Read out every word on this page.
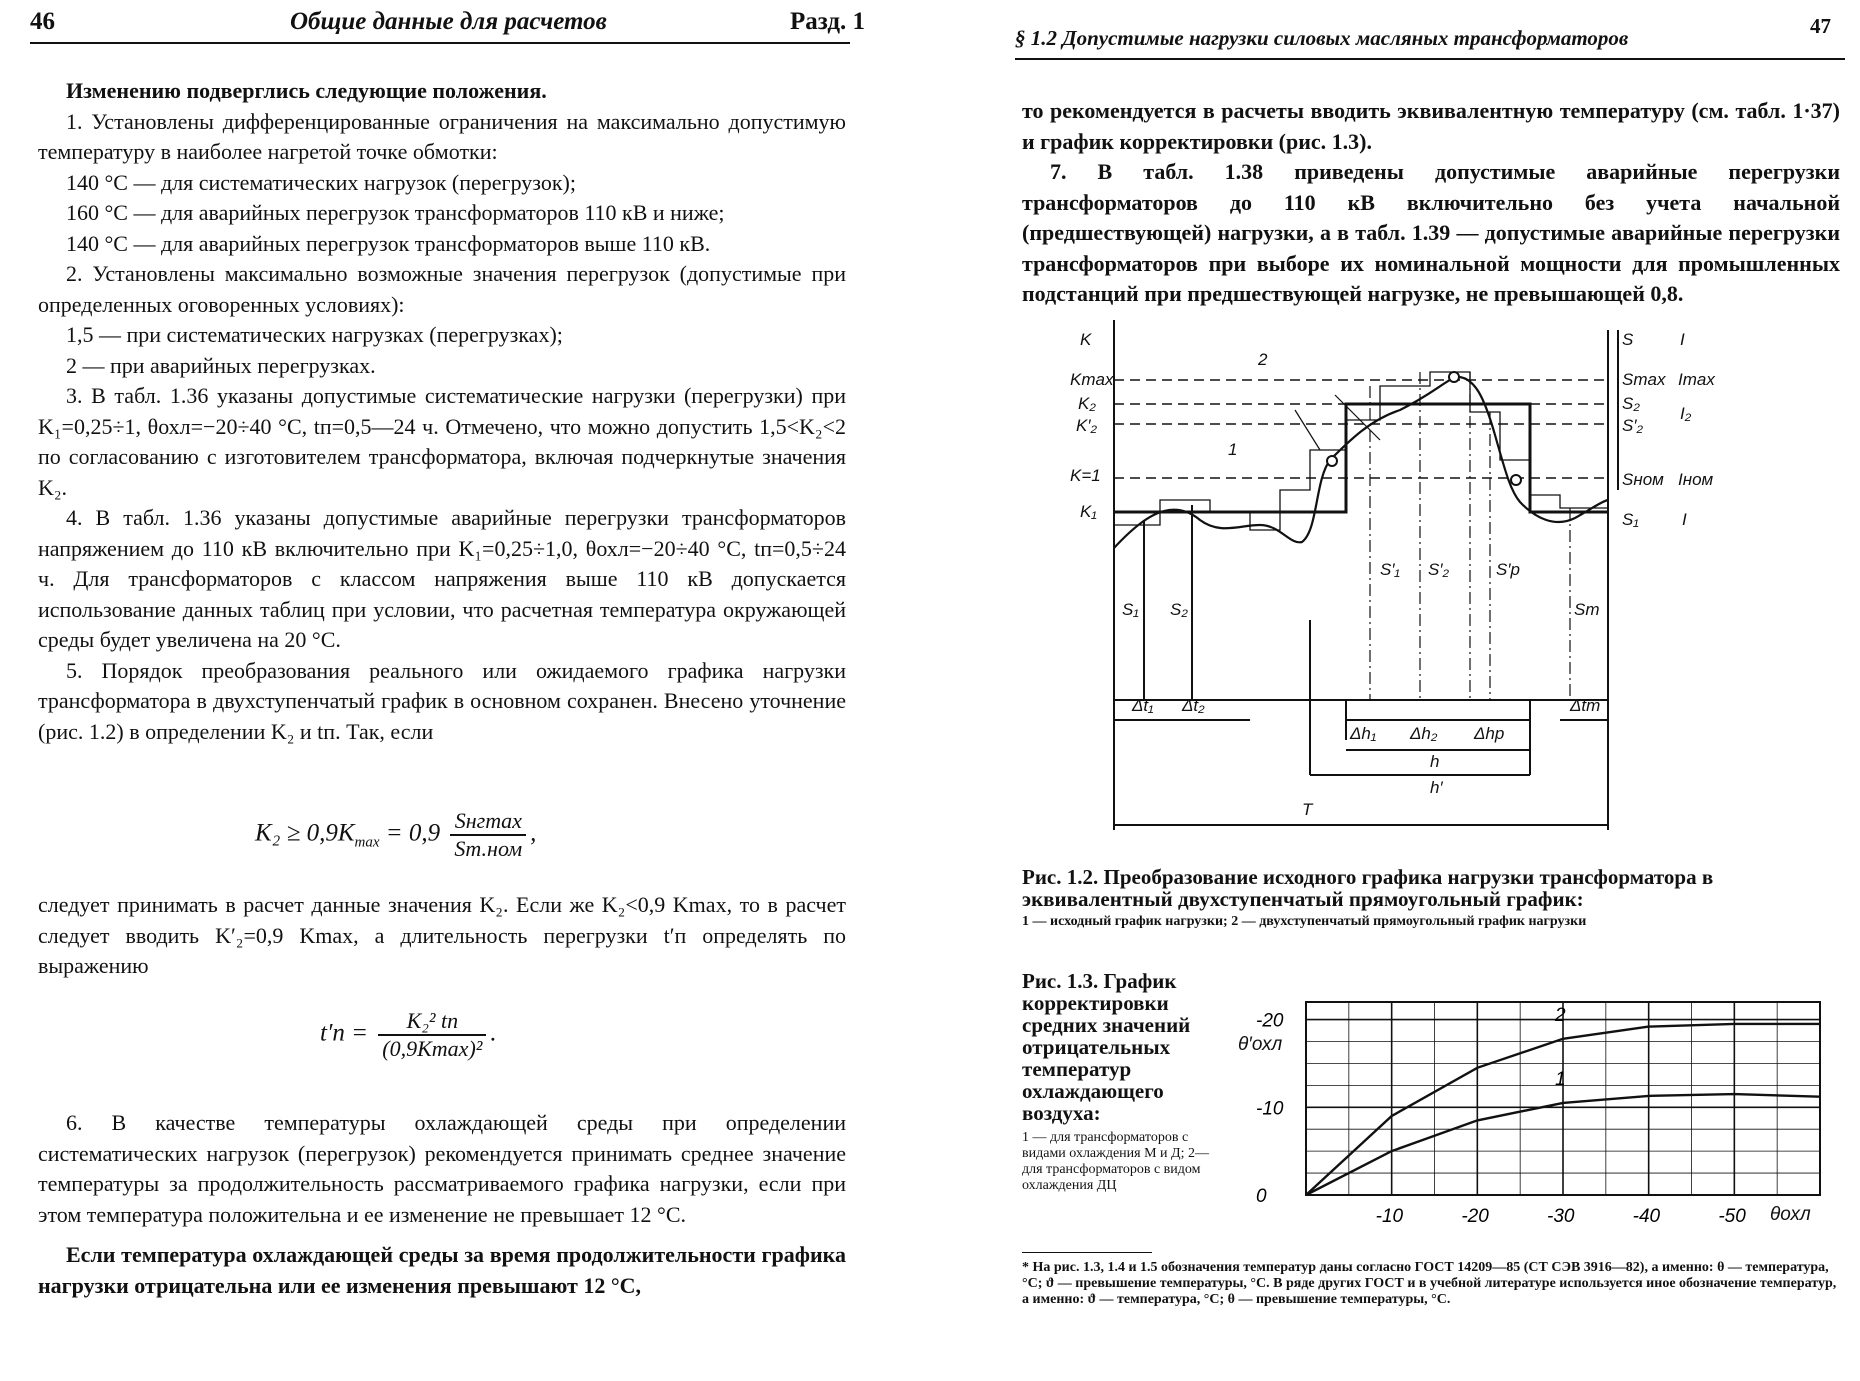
46	Общие данные для расчетов	Разд. 1

Изменению подверглись следующие положения.

1. Установлены дифференцированные ограничения на максимально допустимую температуру в наиболее нагретой точке обмотки:

140 °С — для систематических нагрузок (перегрузок);

160 °С — для аварийных перегрузок трансформаторов 110 кВ и ниже;

140 °С — для аварийных перегрузок трансформаторов выше 110 кВ.

2. Установлены максимально возможные значения перегрузок (допустимые при определенных оговоренных условиях):

1,5 — при систематических нагрузках (перегрузках);

2 — при аварийных перегрузках.

3. В табл. 1.36 указаны допустимые систематические нагрузки (перегрузки) при K₁=0,25÷1, θохл=−20÷40 °С, tп=0,5—24 ч. Отмечено, что можно допустить 1,5<K₂<2 по согласованию с изготовителем трансформатора, включая подчеркнутые значения K₂.

4. В табл. 1.36 указаны допустимые аварийные перегрузки трансформаторов напряжением до 110 кВ включительно при K₁=0,25÷1,0, θохл=−20÷40 °С, tп=0,5÷24 ч. Для трансформаторов с классом напряжения выше 110 кВ допускается использование данных таблиц при условии, что расчетная температура окружающей среды будет увеличена на 20 °С.

5. Порядок преобразования реального или ожидаемого графика нагрузки трансформатора в двухступенчатый график в основном сохранен. Внесено уточнение (рис. 1.2) в определении K₂ и tп. Так, если

$K_2 \ge 0,9K_{max} = 0,9 \frac{\text{Sнгmax}}{\text{Sт.ном}}$ ,
следует принимать в расчет данные значения K₂. Если же K₂<0,9 Kmax, то в расчет следует вводить K′₂=0,9 Kmax, а длительность перегрузки t′п определять по выражению
$t'п = \frac{\text{K₂² tп}}{\text{(0,9Kmax)²}}$ .

6. В качестве температуры охлаждающей среды при определении систематических нагрузок (перегрузок) рекомендуется принимать среднее значение температуры за продолжительность рассматриваемого графика нагрузки, если при этом температура положительна и ее изменение не превышает 12 °С.

Если температура охлаждающей среды за время продолжительности графика нагрузки отрицательна или ее изменения превышают 12 °С,

§ 1.2 Допустимые нагрузки силовых масляных трансформаторов	47

то рекомендуется в расчеты вводить эквивалентную температуру (см. табл. 1·37) и график корректировки (рис. 1.3).

7. В табл. 1.38 приведены допустимые аварийные перегрузки трансформаторов до 110 кВ включительно без учета начальной (предшествующей) нагрузки, а в табл. 1.39 — допустимые аварийные перегрузки трансформаторов при выборе их номинальной мощности для промышленных подстанций при предшествующей нагрузке, не превышающей 0,8.

K
Kmax
K₂
K′₂
K=1
K₁
S
Smax
S₂
S′₂
Sном
S₁
I
Imax
I₂
Iном
I
1
2
S₁ S₂
S′₁ S′₂	S′p
Sm
Δt₁ Δt₂	Δtm
Δh₁ Δh₂ Δhp
h
h′
T
Рис. 1.2. Преобразование исходного графика нагрузки трансформатора в эквивалентный двухступенчатый прямоугольный график:
1 — исходный график нагрузки; 2 — двухступенчатый прямоугольный график нагрузки
Рис. 1.3. График корректировки средних значений отрицательных температур охлаждающего воздуха:
1 — для трансформаторов с видами охлаждения М и Д; 2— для трансформаторов с видом охлаждения ДЦ
1
2
-20
-10
0
-10	-20	-30	-40	-50
θ′охл
θохл
* На рис. 1.3, 1.4 и 1.5 обозначения температур даны согласно ГОСТ 14209—85 (СТ СЭВ 3916—82), а именно: θ — температура, °С; ϑ — превышение температуры, °С. В ряде других ГОСТ и в учебной литературе используется иное обозначение температур, а именно: ϑ — температура, °С; θ — превышение температуры, °С.
